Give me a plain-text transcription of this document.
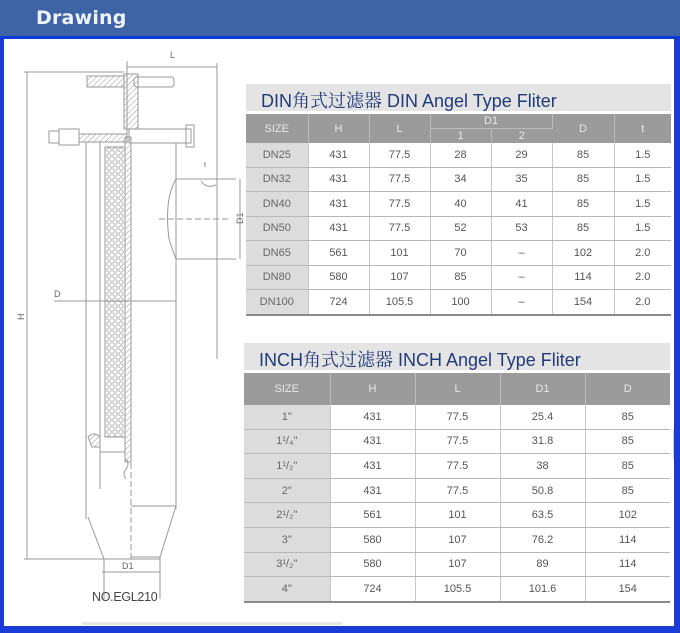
Drawing
L
H
D
D1
D1
t
NO.EGL210
DIN角式过滤器 DIN Angel Type Fliter
SIZE	H	L	D1		D	t
			1	2		
DN25	431	77.5	28	29	85	1.5
DN32	431	77.5	34	35	85	1.5
DN40	431	77.5	40	41	85	1.5
DN50	431	77.5	52	53	85	1.5
DN65	561	101	70	–	102	2.0
DN80	580	107	85	–	114	2.0
DN100	724	105.5	100	–	154	2.0
INCH角式过滤器 INCH Angel Type Fliter
SIZE	H	L	D1	D
1"	431	77.5	25.4	85
1¹/₄"	431	77.5	31.8	85
1¹/₂"	431	77.5	38	85
2"	431	77.5	50.8	85
2¹/₂"	561	101	63.5	102
3"	580	107	76.2	114
3¹/₂"	580	107	89	114
4"	724	105.5	101.6	154
